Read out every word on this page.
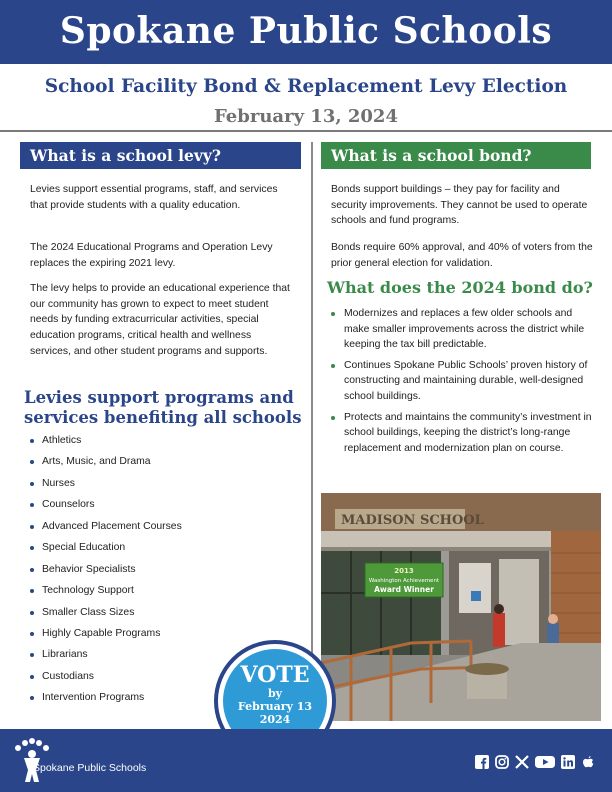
Spokane Public Schools
School Facility Bond & Replacement Levy Election
February 13, 2024
What is a school levy?

Levies support essential programs, staff, and services that provide students with a quality education.

The 2024 Educational Programs and Operation Levy replaces the expiring 2021 levy.

The levy helps to provide an educational experience that our community has grown to expect to meet student needs by funding extracurricular activities, special education programs, critical health and wellness services, and other student programs and supports.

Levies support programs and services benefiting all schools

Athletics
Arts, Music, and Drama
Nurses
Counselors
Advanced Placement Courses
Special Education
Behavior Specialists
Technology Support
Smaller Class Sizes
Highly Capable Programs
Librarians
Custodians
Intervention Programs
What is a school bond?

Bonds support buildings – they pay for facility and security improvements. They cannot be used to operate schools and fund programs.

Bonds require 60% approval, and 40% of voters from the prior general election for validation.

What does the 2024 bond do?

Modernizes and replaces a few older schools and make smaller improvements across the district while keeping the tax bill predictable.
Continues Spokane Public Schools’ proven history of constructing and maintaining durable, well-designed school buildings.
Protects and maintains the community’s investment in school buildings, keeping the district’s long-range replacement and modernization plan on course.
MADISON SCHOOL
2013
Washington Achievement
Award Winner
VOTE
by
February 13
2024
Spokane Public Schools
